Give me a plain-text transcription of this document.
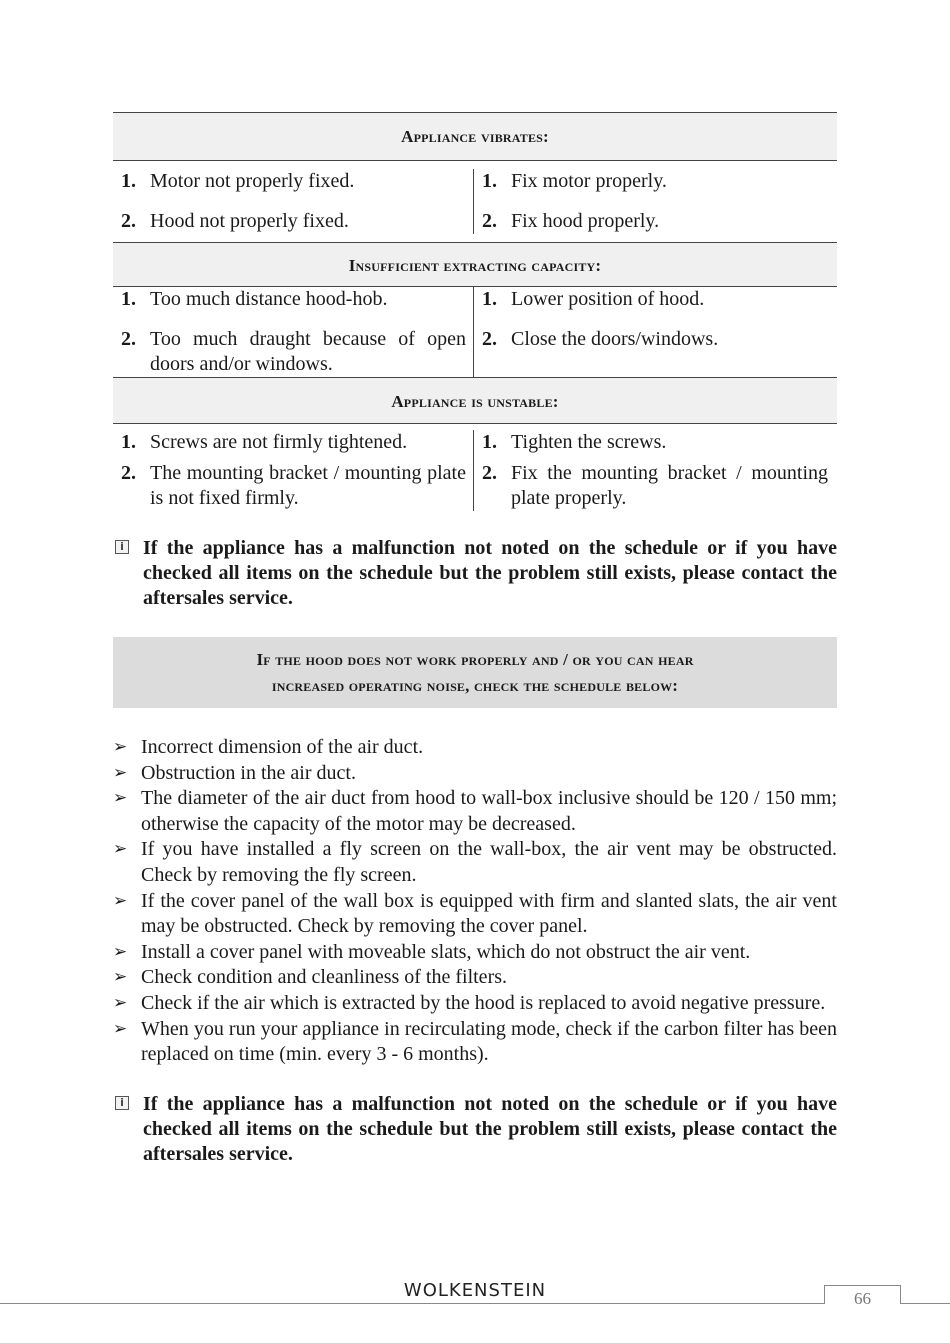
Appliance vibrates:
1. Motor not properly fixed.
2. Hood not properly fixed.
1. Fix motor properly.
2. Fix hood properly.
Insufficient extracting capacity:
1. Too much distance hood-hob.
2. Too much draught because of open doors and/or windows.
1. Lower position of hood.
2. Close the doors/windows.
Appliance is unstable:
1. Screws are not firmly tightened.
2. The mounting bracket / mounting plate is not fixed firmly.
1. Tighten the screws.
2. Fix the mounting bracket / mounting plate properly.
i If the appliance has a malfunction not noted on the schedule or if you have checked all items on the schedule but the problem still exists, please contact the aftersales service.
If the hood does not work properly and / or you can hear
increased operating noise, check the schedule below:
➢ Incorrect dimension of the air duct.
➢ Obstruction in the air duct.
➢ The diameter of the air duct from hood to wall-box inclusive should be 120 / 150 mm; otherwise the capacity of the motor may be decreased.
➢ If you have installed a fly screen on the wall-box, the air vent may be obstructed. Check by removing the fly screen.
➢ If the cover panel of the wall box is equipped with firm and slanted slats, the air vent may be obstructed. Check by removing the cover panel.
➢ Install a cover panel with moveable slats, which do not obstruct the air vent.
➢ Check condition and cleanliness of the filters.
➢ Check if the air which is extracted by the hood is replaced to avoid negative pressure.
➢ When you run your appliance in recirculating mode, check if the carbon filter has been replaced on time (min. every 3 - 6 months).
i If the appliance has a malfunction not noted on the schedule or if you have checked all items on the schedule but the problem still exists, please contact the aftersales service.
WOLKENSTEIN	66
